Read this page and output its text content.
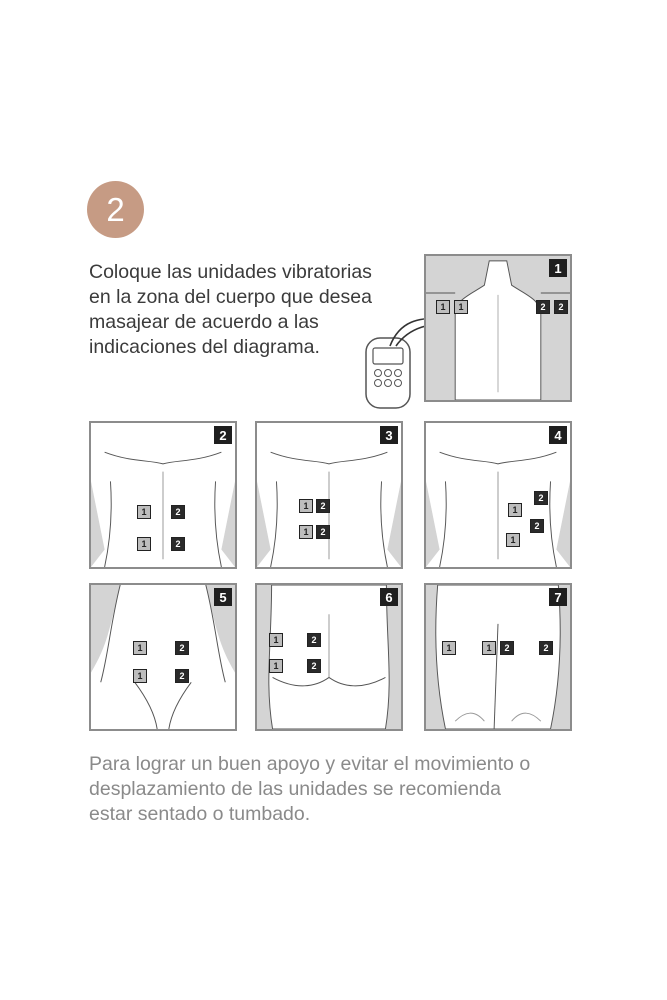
2

Coloque las unidades vibratorias
en la zona del cuerpo que desea
masajear de acuerdo a las
indicaciones del diagrama.

1	1	2	2
1
1	2
1	2
2
1	2
1	2
3
1
2
2
1
4
1	2
1	2
5
1	2
1	2
6
1	1	2	2
7

Para lograr un buen apoyo y evitar el movimiento o
desplazamiento de las unidades se recomienda
estar sentado o tumbado.
